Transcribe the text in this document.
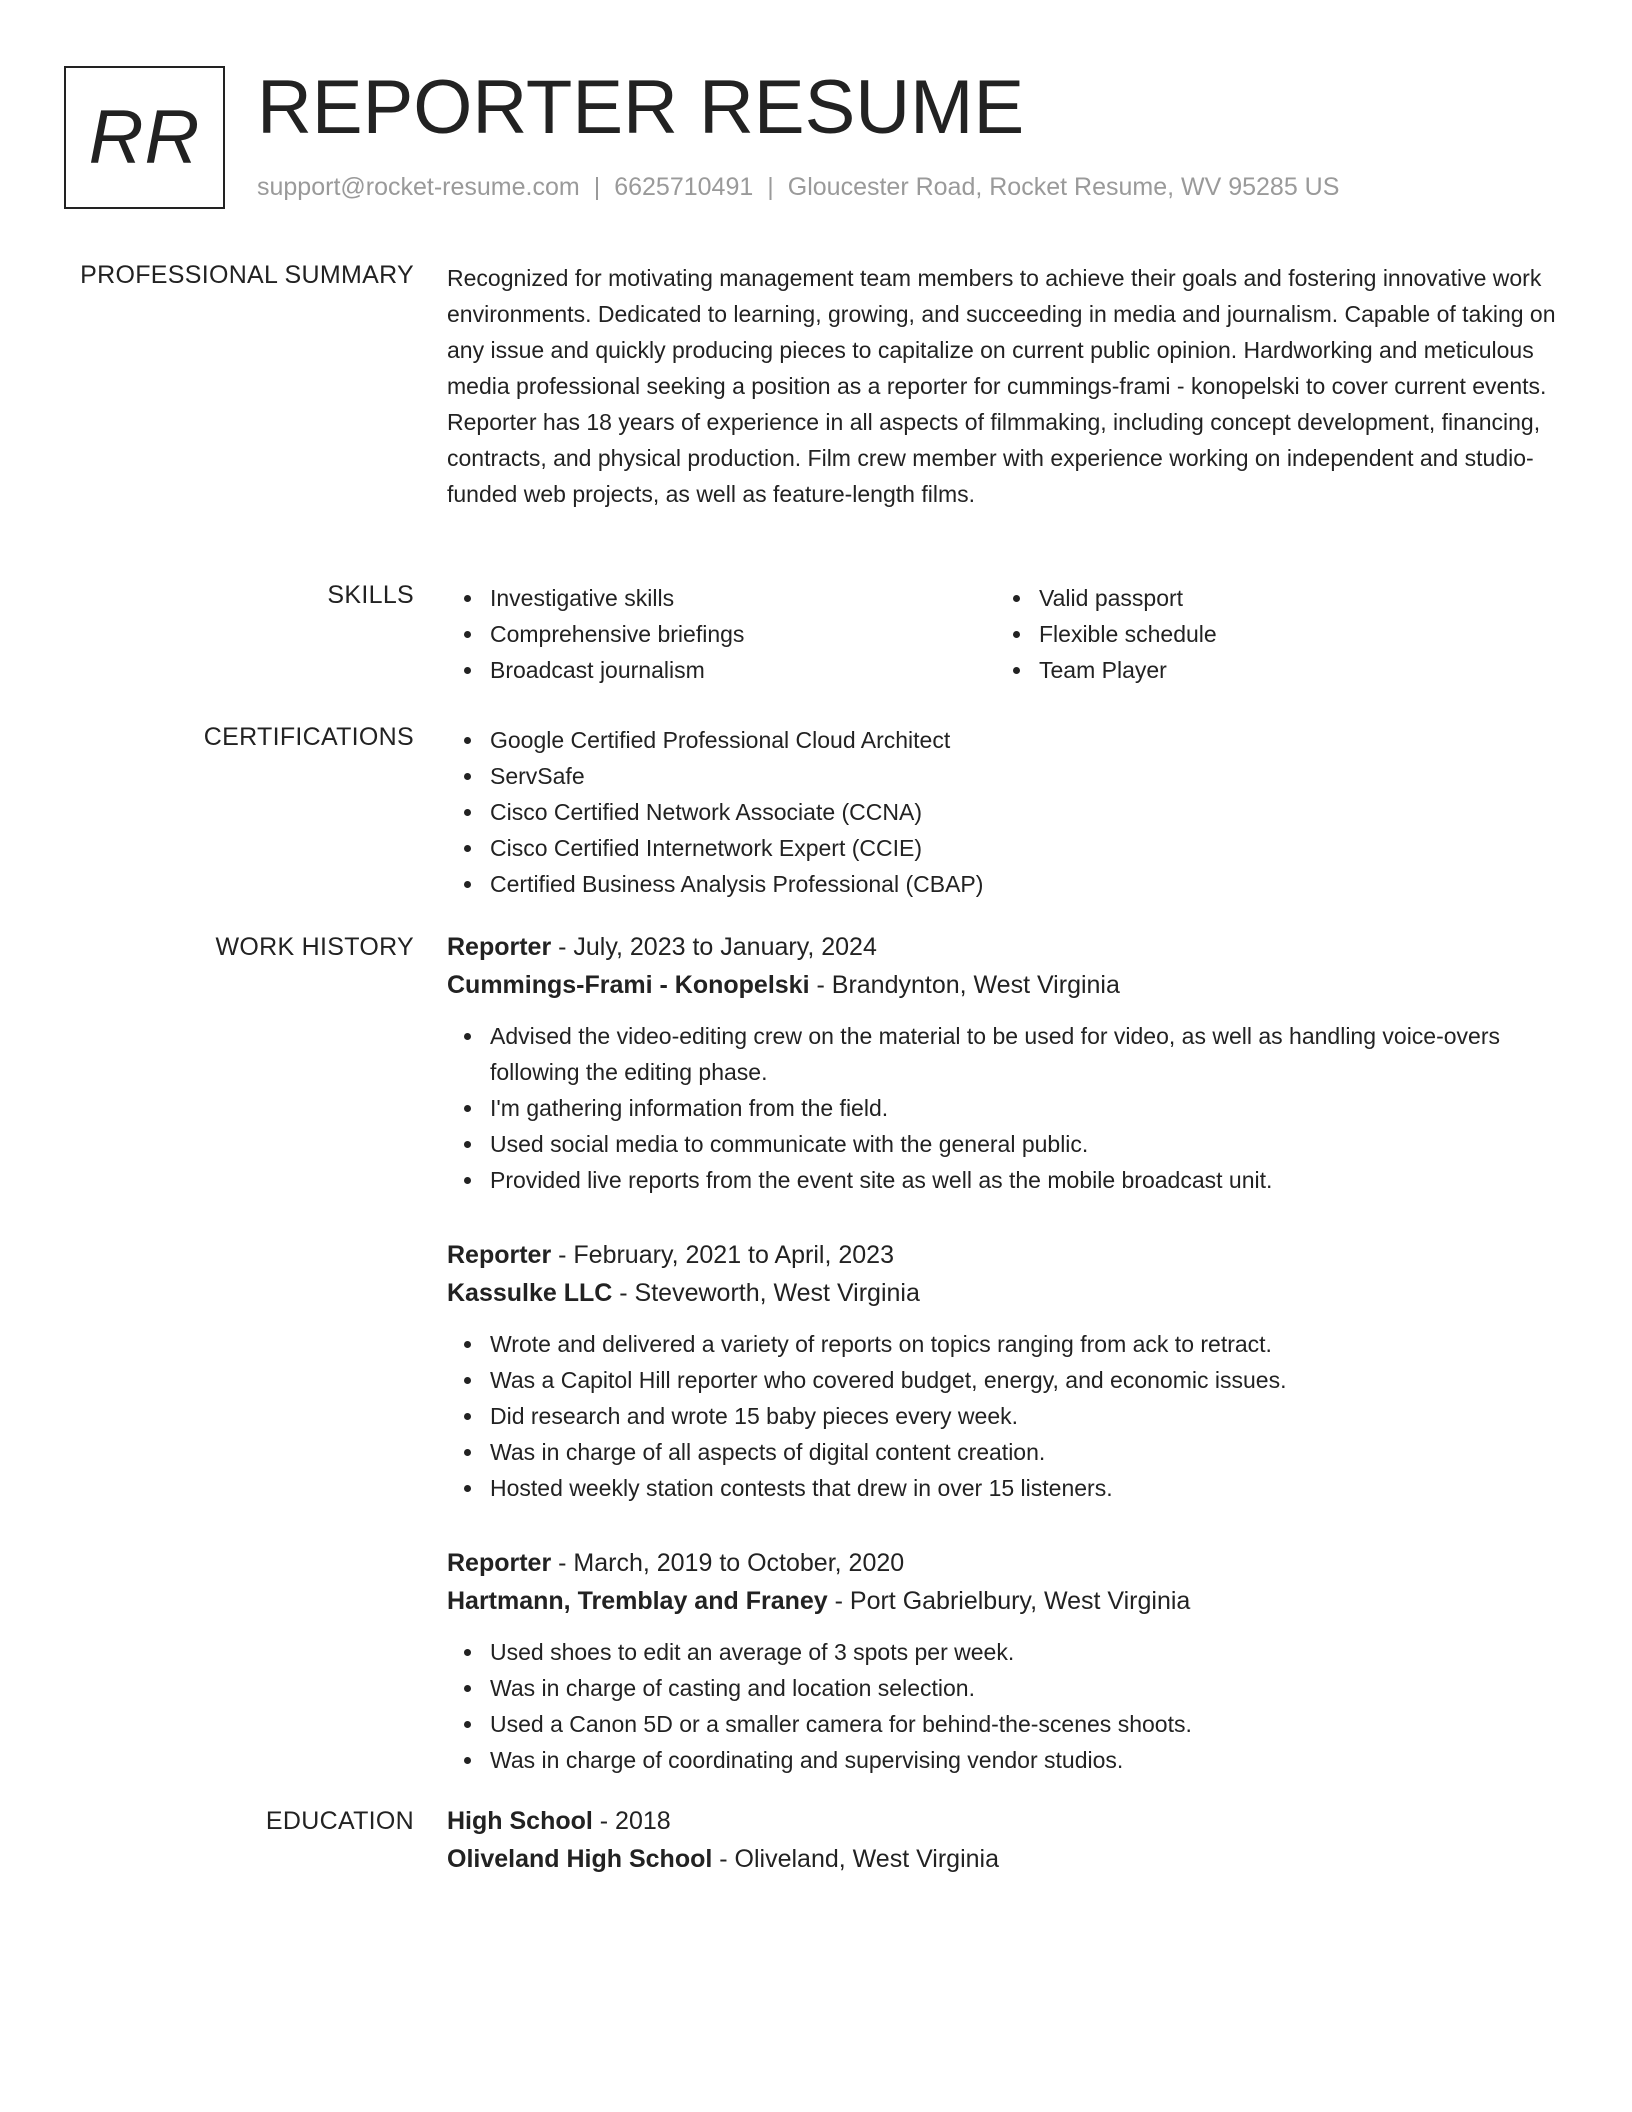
RR REPORTER RESUME
support@rocket-resume.com | 6625710491 | Gloucester Road, Rocket Resume, WV 95285 US
PROFESSIONAL SUMMARY Recognized for motivating management team members to achieve their goals and fostering innovative work environments. Dedicated to learning, growing, and succeeding in media and journalism. Capable of taking on any issue and quickly producing pieces to capitalize on current public opinion. Hardworking and meticulous media professional seeking a position as a reporter for cummings-frami - konopelski to cover current events. Reporter has 18 years of experience in all aspects of filmmaking, including concept development, financing, contracts, and physical production. Film crew member with experience working on independent and studio-funded web projects, as well as feature-length films.
SKILLS	Investigative skills
Comprehensive briefings
Broadcast journalism
Valid passport
Flexible schedule
Team Player
CERTIFICATIONS	Google Certified Professional Cloud Architect
ServSafe
Cisco Certified Network Associate (CCNA)
Cisco Certified Internetwork Expert (CCIE)
Certified Business Analysis Professional (CBAP)
WORK HISTORY Reporter - July, 2023 to January, 2024
Cummings-Frami - Konopelski - Brandynton, West Virginia
Advised the video-editing crew on the material to be used for video, as well as handling voice-overs following the editing phase.
I'm gathering information from the field.
Used social media to communicate with the general public.
Provided live reports from the event site as well as the mobile broadcast unit.
Reporter - February, 2021 to April, 2023
Kassulke LLC - Steveworth, West Virginia
Wrote and delivered a variety of reports on topics ranging from ack to retract.
Was a Capitol Hill reporter who covered budget, energy, and economic issues.
Did research and wrote 15 baby pieces every week.
Was in charge of all aspects of digital content creation.
Hosted weekly station contests that drew in over 15 listeners.
Reporter - March, 2019 to October, 2020
Hartmann, Tremblay and Franey - Port Gabrielbury, West Virginia
Used shoes to edit an average of 3 spots per week.
Was in charge of casting and location selection.
Used a Canon 5D or a smaller camera for behind-the-scenes shoots.
Was in charge of coordinating and supervising vendor studios.
EDUCATION High School - 2018
Oliveland High School - Oliveland, West Virginia
